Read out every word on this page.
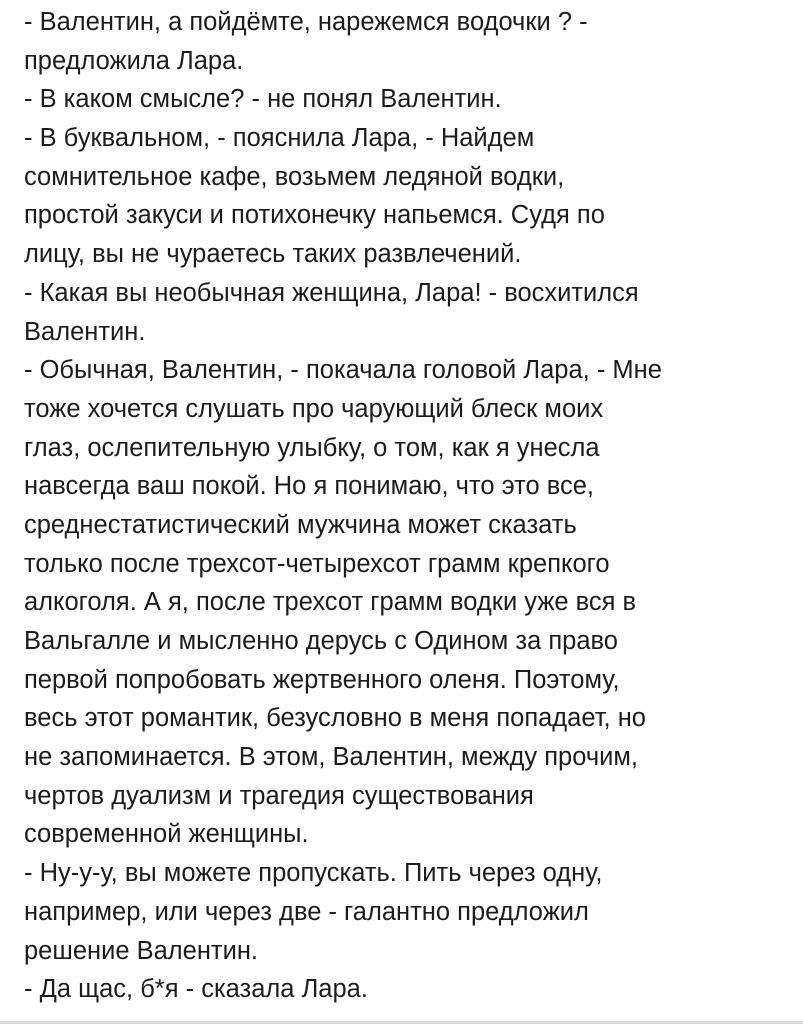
- Валентин, а пойдёмте, нарежемся водочки ? -
предложила Лара.
- В каком смысле? - не понял Валентин.
- В буквальном, - пояснила Лара, - Найдем
сомнительное кафе, возьмем ледяной водки,
простой закуси и потихонечку напьемся. Судя по
лицу, вы не чураетесь таких развлечений.
- Какая вы необычная женщина, Лара! - восхитился
Валентин.
- Обычная, Валентин, - покачала головой Лара, - Мне
тоже хочется слушать про чарующий блеск моих
глаз, ослепительную улыбку, о том, как я унесла
навсегда ваш покой. Но я понимаю, что это все,
среднестатистический мужчина может сказать
только после трехсот-четырехсот грамм крепкого
алкоголя. А я, после трехсот грамм водки уже вся в
Вальгалле и мысленно дерусь с Одином за право
первой попробовать жертвенного оленя. Поэтому,
весь этот романтик, безусловно в меня попадает, но
не запоминается. В этом, Валентин, между прочим,
чертов дуализм и трагедия существования
современной женщины.
- Ну-у-у, вы можете пропускать. Пить через одну,
например, или через две - галантно предложил
решение Валентин.
- Да щас, б*я - сказала Лара.
